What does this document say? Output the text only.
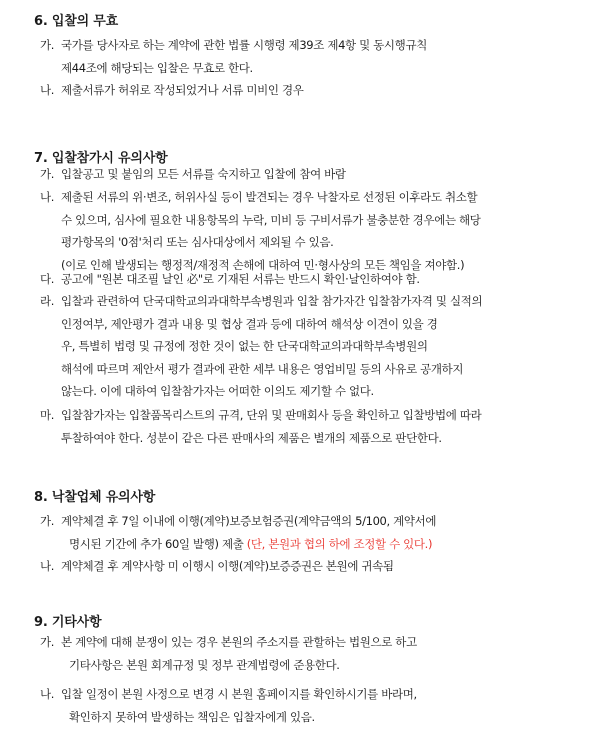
6. 입찰의 무효
가. 국가를 당사자로 하는 계약에 관한 법률 시행령 제39조 제4항 및 동시행규칙
제44조에 해당되는 입찰은 무효로 한다.
나. 제출서류가 허위로 작성되었거나 서류 미비인 경우
7. 입찰참가시 유의사항
가. 입찰공고 및 붙임의 모든 서류를 숙지하고 입찰에 참여 바람
나. 제출된 서류의 위·변조, 허위사실 등이 발견되는 경우 낙찰자로 선정된 이후라도 취소할
수 있으며, 심사에 필요한 내용항목의 누락, 미비 등 구비서류가 불충분한 경우에는 해당
평가항목의 '0점'처리 또는 심사대상에서 제외될 수 있음.
(이로 인해 발생되는 행정적/재정적 손해에 대하여 민·형사상의 모든 책임을 져야함.)
다. 공고에 "원본 대조필 날인 必"로 기재된 서류는 반드시 확인·날인하여야 함.
라. 입찰과 관련하여 단국대학교의과대학부속병원과 입찰 참가자간 입찰참가자격 및 실적의
인정여부, 제안평가 결과 내용 및 협상 결과 등에 대하여 해석상 이견이 있을 경
우, 특별히 법령 및 규정에 정한 것이 없는 한 단국대학교의과대학부속병원의
해석에 따르며 제안서 평가 결과에 관한 세부 내용은 영업비밀 등의 사유로 공개하지
않는다. 이에 대하여 입찰참가자는 어떠한 이의도 제기할 수 없다.
마. 입찰참가자는 입찰품목리스트의 규격, 단위 및 판매회사 등을 확인하고 입찰방법에 따라
투찰하여야 한다. 성분이 같은 다른 판매사의 제품은 별개의 제품으로 판단한다.
8. 낙찰업체 유의사항
가. 계약체결 후 7일 이내에 이행(계약)보증보험증권(계약금액의 5/100, 계약서에
명시된 기간에 추가 60일 발행) 제출 (단, 본원과 협의 하에 조정할 수 있다.)
나. 계약체결 후 계약사항 미 이행시 이행(계약)보증증권은 본원에 귀속됨
9. 기타사항
가. 본 계약에 대해 분쟁이 있는 경우 본원의 주소지를 관할하는 법원으로 하고
기타사항은 본원 회계규정 및 정부 관계법령에 준용한다.
나. 입찰 일정이 본원 사정으로 변경 시 본원 홈페이지를 확인하시기를 바라며,
확인하지 못하여 발생하는 책임은 입찰자에게 있음.
